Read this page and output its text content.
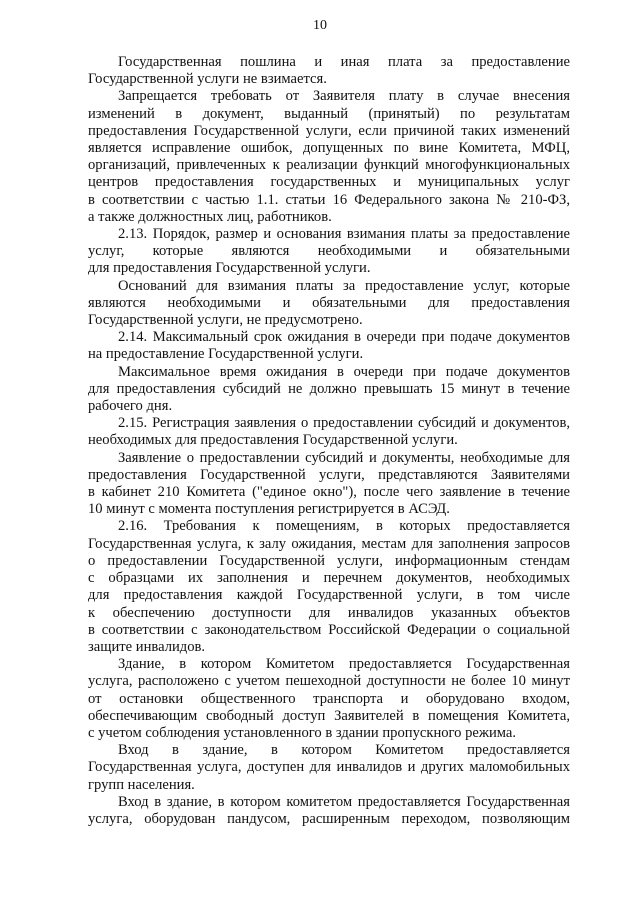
10
Государственная пошлина и иная плата за предоставление
Государственной услуги не взимается.
Запрещается требовать от Заявителя плату в случае внесения
изменений в документ, выданный (принятый) по результатам
предоставления Государственной услуги, если причиной таких изменений
является исправление ошибок, допущенных по вине Комитета, МФЦ,
организаций, привлеченных к реализации функций многофункциональных
центров предоставления государственных и муниципальных услуг
в соответствии с частью 1.1. статьи 16 Федерального закона № 210-ФЗ,
а также должностных лиц, работников.
2.13. Порядок, размер и основания взимания платы за предоставление
услуг, которые являются необходимыми и обязательными
для предоставления Государственной услуги.
Оснований для взимания платы за предоставление услуг, которые
являются необходимыми и обязательными для предоставления
Государственной услуги, не предусмотрено.
2.14. Максимальный срок ожидания в очереди при подаче документов
на предоставление Государственной услуги.
Максимальное время ожидания в очереди при подаче документов
для предоставления субсидий не должно превышать 15 минут в течение
рабочего дня.
2.15. Регистрация заявления о предоставлении субсидий и документов,
необходимых для предоставления Государственной услуги.
Заявление о предоставлении субсидий и документы, необходимые для
предоставления Государственной услуги, представляются Заявителями
в кабинет 210 Комитета ("единое окно"), после чего заявление в течение
10 минут с момента поступления регистрируется в АСЭД.
2.16. Требования к помещениям, в которых предоставляется
Государственная услуга, к залу ожидания, местам для заполнения запросов
о предоставлении Государственной услуги, информационным стендам
с образцами их заполнения и перечнем документов, необходимых
для предоставления каждой Государственной услуги, в том числе
к обеспечению доступности для инвалидов указанных объектов
в соответствии с законодательством Российской Федерации о социальной
защите инвалидов.
Здание, в котором Комитетом предоставляется Государственная
услуга, расположено с учетом пешеходной доступности не более 10 минут
от остановки общественного транспорта и оборудовано входом,
обеспечивающим свободный доступ Заявителей в помещения Комитета,
с учетом соблюдения установленного в здании пропускного режима.
Вход в здание, в котором Комитетом предоставляется
Государственная услуга, доступен для инвалидов и других маломобильных
групп населения.
Вход в здание, в котором комитетом предоставляется Государственная
услуга, оборудован пандусом, расширенным переходом, позволяющим
